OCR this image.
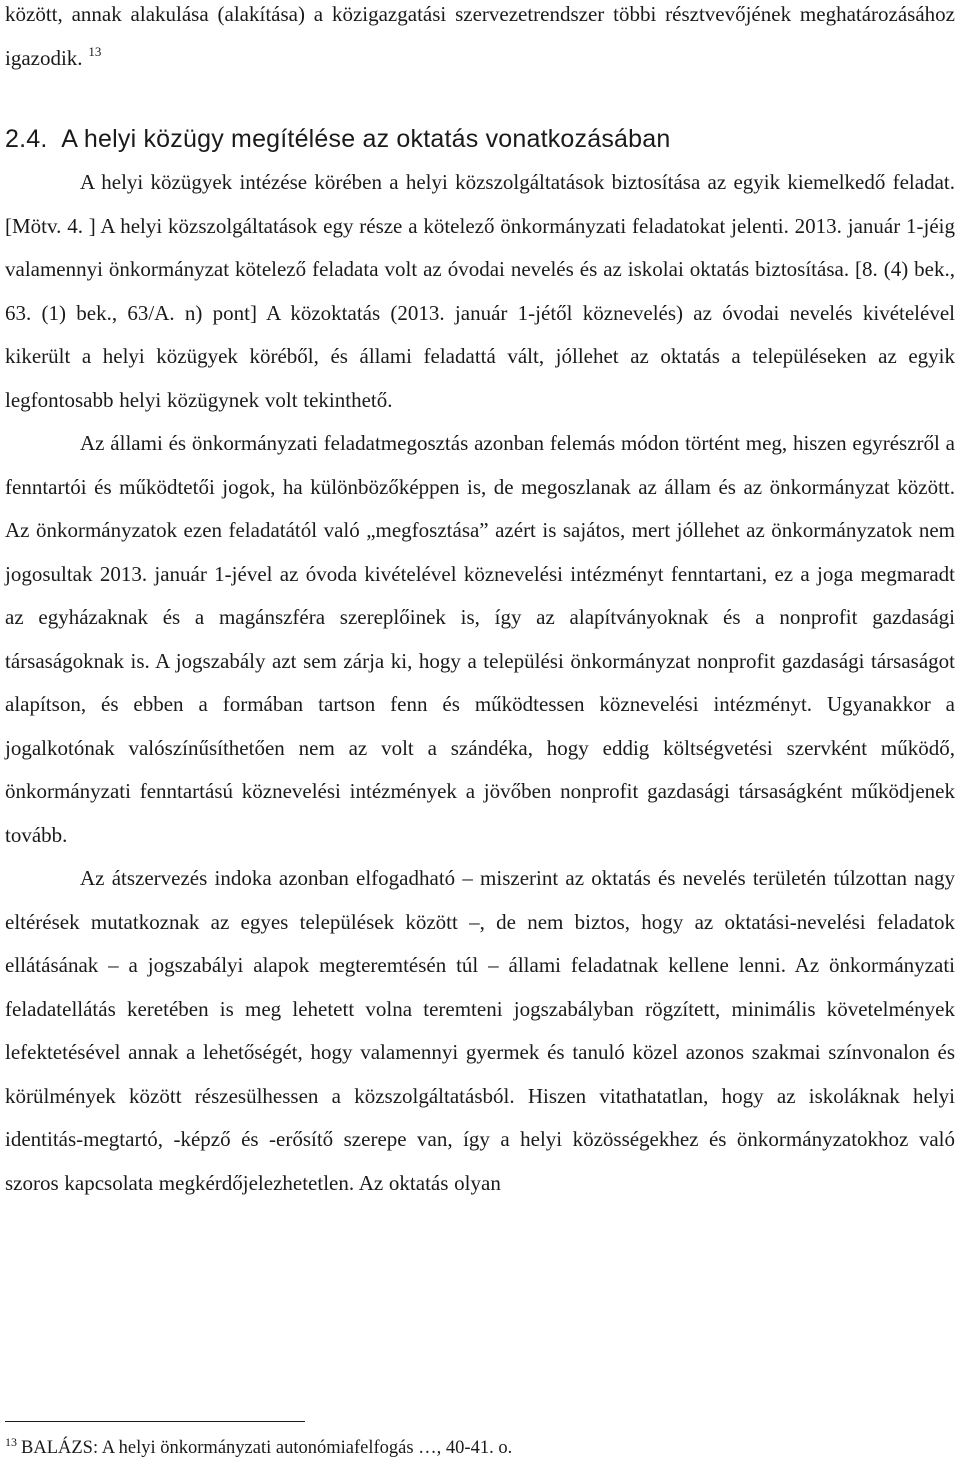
között, annak alakulása (alakítása) a közigazgatási szervezetrendszer többi résztvevőjének meghatározásához igazodik. $^{13}$

2.4. A helyi közügy megítélése az oktatás vonatkozásában

A helyi közügyek intézése körében a helyi közszolgáltatások biztosítása az egyik kiemelkedő feladat. [Mötv. 4. ] A helyi közszolgáltatások egy része a kötelező önkormányzati feladatokat jelenti. 2013. január 1-jéig valamennyi önkormányzat kötelező feladata volt az óvodai nevelés és az iskolai oktatás biztosítása. [8. (4) bek., 63. (1) bek., 63/A. n) pont] A közoktatás (2013. január 1-jétől köznevelés) az óvodai nevelés kivételével kikerült a helyi közügyek köréből, és állami feladattá vált, jóllehet az oktatás a településeken az egyik legfontosabb helyi közügynek volt tekinthető.

Az állami és önkormányzati feladatmegosztás azonban felemás módon történt meg, hiszen egyrészről a fenntartói és működtetői jogok, ha különbözőképpen is, de megoszlanak az állam és az önkormányzat között. Az önkormányzatok ezen feladatától való „megfosztása” azért is sajátos, mert jóllehet az önkormányzatok nem jogosultak 2013. január 1-jével az óvoda kivételével köznevelési intézményt fenntartani, ez a joga megmaradt az egyházaknak és a magánszféra szereplőinek is, így az alapítványoknak és a nonprofit gazdasági társaságoknak is. A jogszabály azt sem zárja ki, hogy a települési önkormányzat nonprofit gazdasági társaságot alapítson, és ebben a formában tartson fenn és működtessen köznevelési intézményt. Ugyanakkor a jogalkotónak valószínűsíthetően nem az volt a szándéka, hogy eddig költségvetési szervként működő, önkormányzati fenntartású köznevelési intézmények a jövőben nonprofit gazdasági társaságként működjenek tovább.

Az átszervezés indoka azonban elfogadható – miszerint az oktatás és nevelés területén túlzottan nagy eltérések mutatkoznak az egyes települések között –, de nem biztos, hogy az oktatási-nevelési feladatok ellátásának – a jogszabályi alapok megteremtésén túl – állami feladatnak kellene lenni. Az önkormányzati feladatellátás keretében is meg lehetett volna teremteni jogszabályban rögzített, minimális követelmények lefektetésével annak a lehetőségét, hogy valamennyi gyermek és tanuló közel azonos szakmai színvonalon és körülmények között részesülhessen a közszolgáltatásból. Hiszen vitathatatlan, hogy az iskoláknak helyi identitás-megtartó, -képző és -erősítő szerepe van, így a helyi közösségekhez és önkormányzatokhoz való szoros kapcsolata megkérdőjelezhetetlen. Az oktatás olyan

$^{13}$ BALÁZS: A helyi önkormányzati autonómiafelfogás …, 40-41. o.
